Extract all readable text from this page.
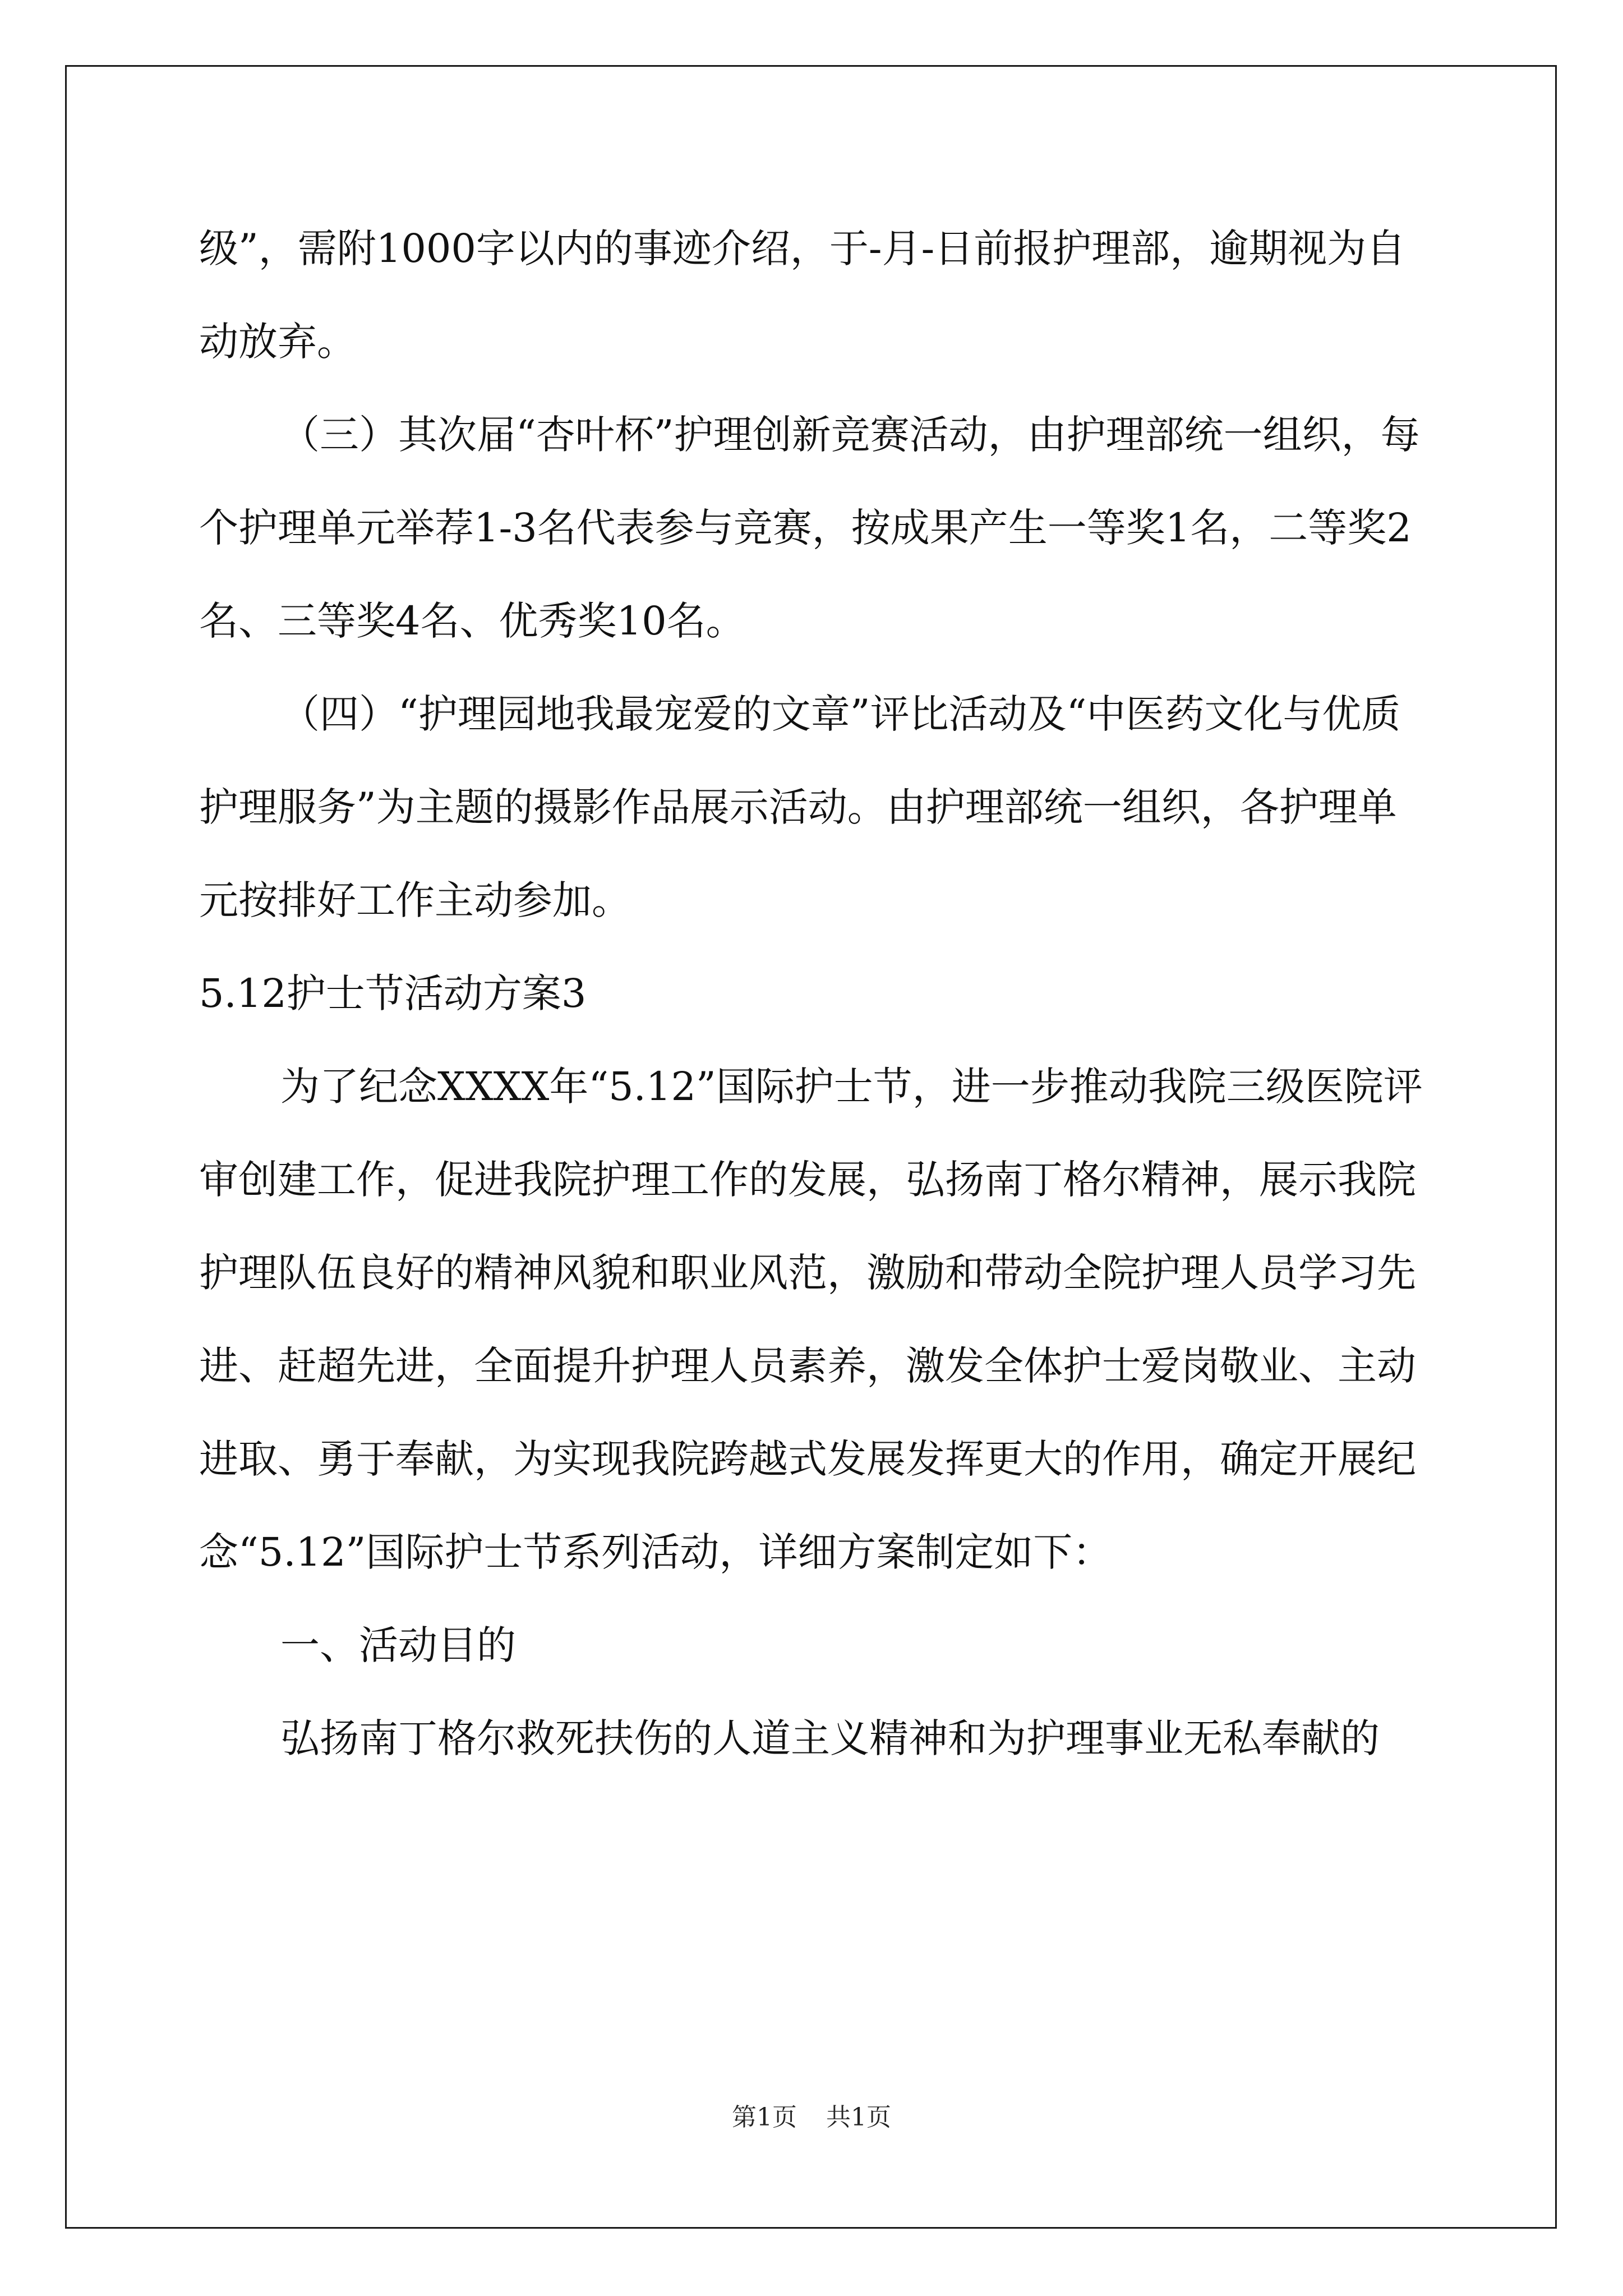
级”，需附1000字以内的事迹介绍，于-月-日前报护理部，逾期视为自动放弃。

（三）其次届“杏叶杯”护理创新竞赛活动，由护理部统一组织，每个护理单元举荐1-3名代表参与竞赛，按成果产生一等奖1名，二等奖2名、三等奖4名、优秀奖10名。

（四）“护理园地我最宠爱的文章”评比活动及“中医药文化与优质护理服务”为主题的摄影作品展示活动。由护理部统一组织，各护理单元按排好工作主动参加。

5.12护士节活动方案3

为了纪念XXXX年“5.12”国际护士节，进一步推动我院三级医院评审创建工作，促进我院护理工作的发展，弘扬南丁格尔精神，展示我院护理队伍良好的精神风貌和职业风范，激励和带动全院护理人员学习先进、赶超先进，全面提升护理人员素养，激发全体护士爱岗敬业、主动进取、勇于奉献，为实现我院跨越式发展发挥更大的作用，确定开展纪念“5.12”国际护士节系列活动，详细方案制定如下：

一、活动目的

弘扬南丁格尔救死扶伤的人道主义精神和为护理事业无私奉献的

第1页 共1页
